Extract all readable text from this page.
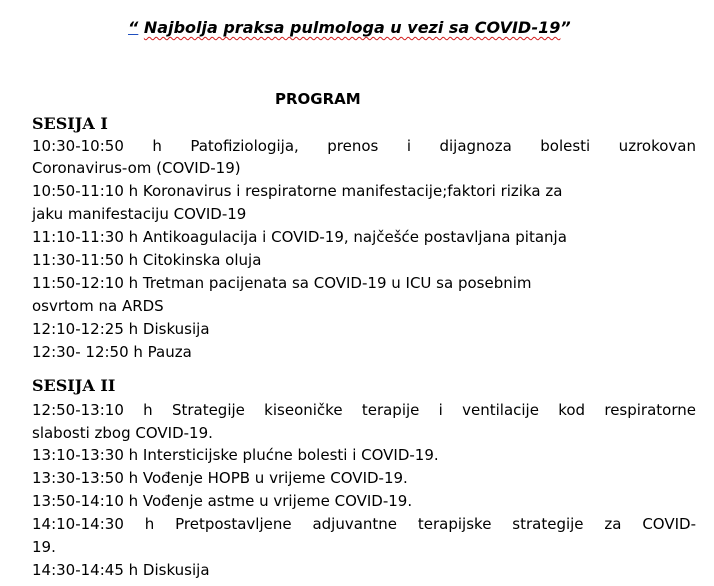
“ Najbolja praksa pulmologa u vezi sa COVID-19”
PROGRAM
SESIJA I
10:30-10:50 h Patofiziologija, prenos i dijagnoza bolesti uzrokovan
Coronavirus-om (COVID-19)
10:50-11:10 h Koronavirus i respiratorne manifestacije;faktori rizika za
jaku manifestaciju COVID-19
11:10-11:30 h Antikoagulacija i COVID-19, najčešće postavljana pitanja
11:30-11:50 h Citokinska oluja
11:50-12:10 h Tretman pacijenata sa COVID-19 u ICU sa posebnim
osvrtom na ARDS
12:10-12:25 h Diskusija
12:30- 12:50 h Pauza
SESIJA II
12:50-13:10 h Strategije kiseoničke terapije i ventilacije kod respiratorne
slabosti zbog COVID-19.
13:10-13:30 h Intersticijske plućne bolesti i COVID-19.
13:30-13:50 h Vođenje HOPB u vrijeme COVID-19.
13:50-14:10 h Vođenje astme u vrijeme COVID-19.
14:10-14:30 h Pretpostavljene adjuvantne terapijske strategije za COVID-
19.
14:30-14:45 h Diskusija
